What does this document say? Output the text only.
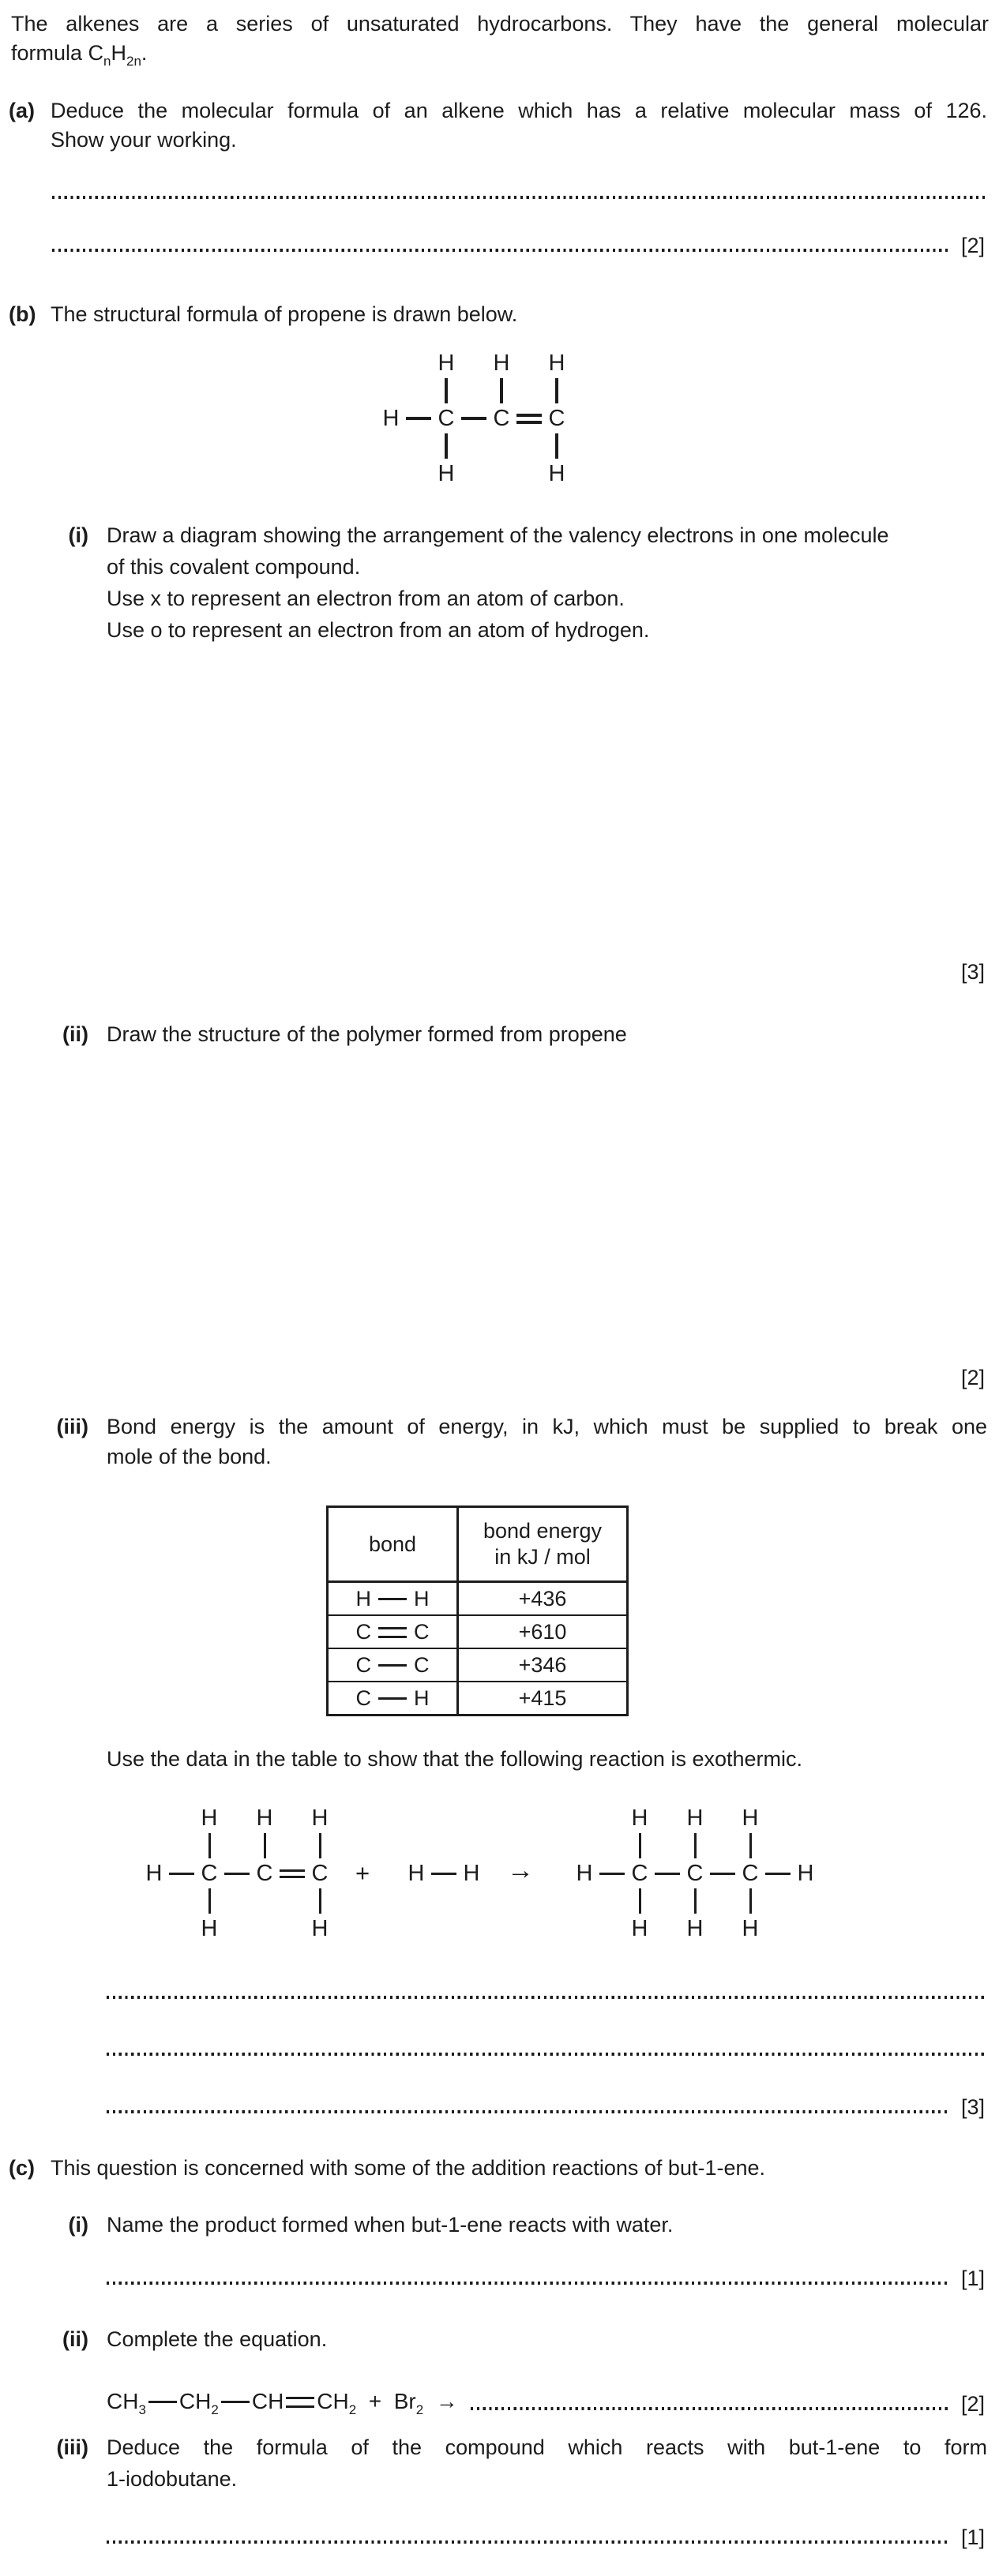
The alkenes are a series of unsaturated hydrocarbons. They have the general molecular
formula $C_nH_{2n}$.
(a) Deduce the molecular formula of an alkene which has a relative molecular mass of 126.
Show your working.
[2]
(b) The structural formula of propene is drawn below.
H	C	C	C
H	H	H
H	H
(i) Draw a diagram showing the arrangement of the valency electrons in one molecule
of this covalent compound.
Use x to represent an electron from an atom of carbon.
Use o to represent an electron from an atom of hydrogen.
[3]
(ii) Draw the structure of the polymer formed from propene
[2]
(iii) Bond energy is the amount of energy, in kJ, which must be supplied to break one
mole of the bond.
bond	bond energy
in kJ / mol
H H	+436
C C	+610
C C	+346
C H	+415
Use the data in the table to show that the following reaction is exothermic.
H	C	C	C
H	H	H
H	H
+	H	H	→	H	C	C	C	H
H	H	H
H	H	H
[3]
(c) This question is concerned with some of the addition reactions of but-1-ene.
(i) Name the product formed when but-1-ene reacts with water.
[1]
(ii) Complete the equation.
$CH_3$ $CH_2$ CH $CH_2 + Br_2$  →	[2]
(iii) Deduce the formula of the compound which reacts with but-1-ene to form
1-iodobutane.
[1]
